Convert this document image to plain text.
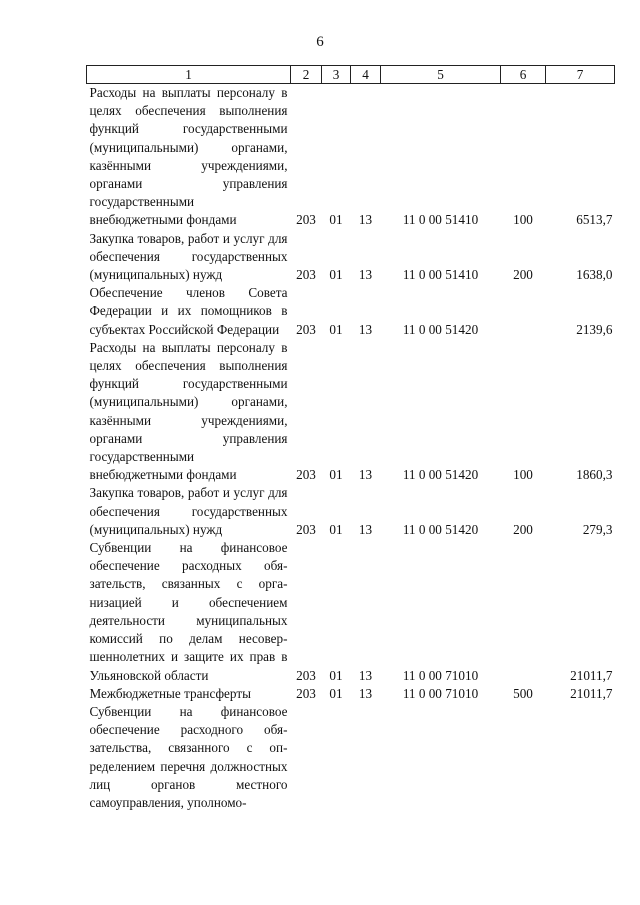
6
1	2	3	4	5	6	7
Расходы на выплаты персоналу в целях обеспечения выполнения функций государственными (муниципальными) органами, казёнными учреждениями, органами управления государственными внебюджетными фондами	203	01	13	11 0 00 51410	100	6513,7
Закупка товаров, работ и услуг для обеспечения государственных (муниципальных) нужд	203	01	13	11 0 00 51410	200	1638,0
Обеспечение членов Совета Федерации и их помощников в субъектах Российской Федерации	203	01	13	11 0 00 51420		2139,6
Расходы на выплаты персоналу в целях обеспечения выполнения функций государственными (муниципальными) органами, казёнными учреждениями, органами управления государственными внебюджетными фондами	203	01	13	11 0 00 51420	100	1860,3
Закупка товаров, работ и услуг для обеспечения государственных (муниципальных) нужд	203	01	13	11 0 00 51420	200	279,3
Субвенции на финансовое обеспечение расходных обязательств, связанных с организацией и обеспечением деятельности муниципальных комиссий по делам несовершеннолетних и защите их прав в Ульяновской области	203	01	13	11 0 00 71010		21011,7
Межбюджетные трансферты	203	01	13	11 0 00 71010	500	21011,7
Субвенции на финансовое обеспечение расходного обязательства, связанного с определением перечня должностных лиц органов местного самоуправления, уполномо-						
